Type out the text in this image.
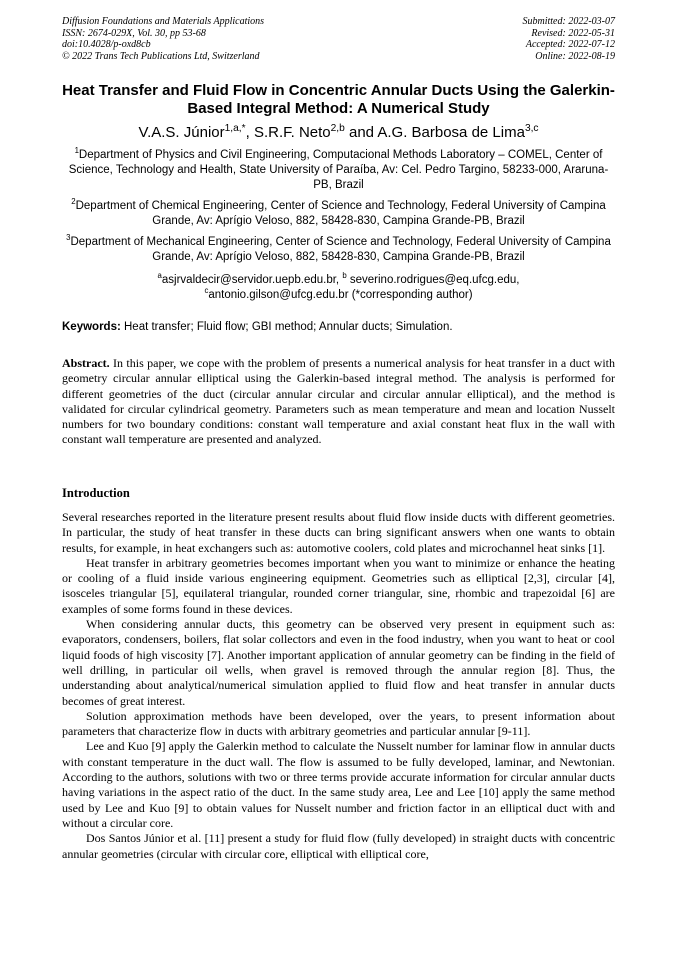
Diffusion Foundations and Materials Applications
ISSN: 2674-029X, Vol. 30, pp 53-68
doi:10.4028/p-oxd8cb
© 2022 Trans Tech Publications Ltd, Switzerland
Submitted: 2022-03-07
Revised: 2022-05-31
Accepted: 2022-07-12
Online: 2022-08-19
Heat Transfer and Fluid Flow in Concentric Annular Ducts Using the Galerkin-Based Integral Method: A Numerical Study
V.A.S. Júnior$^{1,a,*}$, S.R.F. Neto$^{2,b}$ and A.G. Barbosa de Lima$^{3,c}$
$^1$Department of Physics and Civil Engineering, Computacional Methods Laboratory – COMEL, Center of Science, Technology and Health, State University of Paraíba, Av: Cel. Pedro Targino, 58233-000, Araruna-PB, Brazil
$^2$Department of Chemical Engineering, Center of Science and Technology, Federal University of Campina Grande, Av: Aprígio Veloso, 882, 58428-830, Campina Grande-PB, Brazil
$^3$Department of Mechanical Engineering, Center of Science and Technology, Federal University of Campina Grande, Av: Aprígio Veloso, 882, 58428-830, Campina Grande-PB, Brazil
$^a$asjrvaldecir@servidor.uepb.edu.br, $^b$ severino.rodrigues@eq.ufcg.edu,
$^c$antonio.gilson@ufcg.edu.br (*corresponding author)
Keywords: Heat transfer; Fluid flow; GBI method; Annular ducts; Simulation.
Abstract. In this paper, we cope with the problem of presents a numerical analysis for heat transfer in a duct with geometry circular annular elliptical using the Galerkin-based integral method. The analysis is performed for different geometries of the duct (circular annular circular and circular annular elliptical), and the method is validated for circular cylindrical geometry. Parameters such as mean temperature and mean and location Nusselt numbers for two boundary conditions: constant wall temperature and axial constant heat flux in the wall with constant wall temperature are presented and analyzed.
Introduction

Several researches reported in the literature present results about fluid flow inside ducts with different geometries. In particular, the study of heat transfer in these ducts can bring significant answers when one wants to obtain results, for example, in heat exchangers such as: automotive coolers, cold plates and microchannel heat sinks [1].

Heat transfer in arbitrary geometries becomes important when you want to minimize or enhance the heating or cooling of a fluid inside various engineering equipment. Geometries such as elliptical [2,3], circular [4], isosceles triangular [5], equilateral triangular, rounded corner triangular, sine, rhombic and trapezoidal [6] are examples of some forms found in these devices.

When considering annular ducts, this geometry can be observed very present in equipment such as: evaporators, condensers, boilers, flat solar collectors and even in the food industry, when you want to heat or cool liquid foods of high viscosity [7]. Another important application of annular geometry can be finding in the field of well drilling, in particular oil wells, when gravel is removed through the annular region [8]. Thus, the understanding about analytical/numerical simulation applied to fluid flow and heat transfer in annular ducts becomes of great interest.

Solution approximation methods have been developed, over the years, to present information about parameters that characterize flow in ducts with arbitrary geometries and particular annular [9-11].

Lee and Kuo [9] apply the Galerkin method to calculate the Nusselt number for laminar flow in annular ducts with constant temperature in the duct wall. The flow is assumed to be fully developed, laminar, and Newtonian. According to the authors, solutions with two or three terms provide accurate information for circular annular ducts having variations in the aspect ratio of the duct. In the same study area, Lee and Lee [10] apply the same method used by Lee and Kuo [9] to obtain values for Nusselt number and friction factor in an elliptical duct with and without a circular core.

Dos Santos Júnior et al. [11] present a study for fluid flow (fully developed) in straight ducts with concentric annular geometries (circular with circular core, elliptical with elliptical core,
